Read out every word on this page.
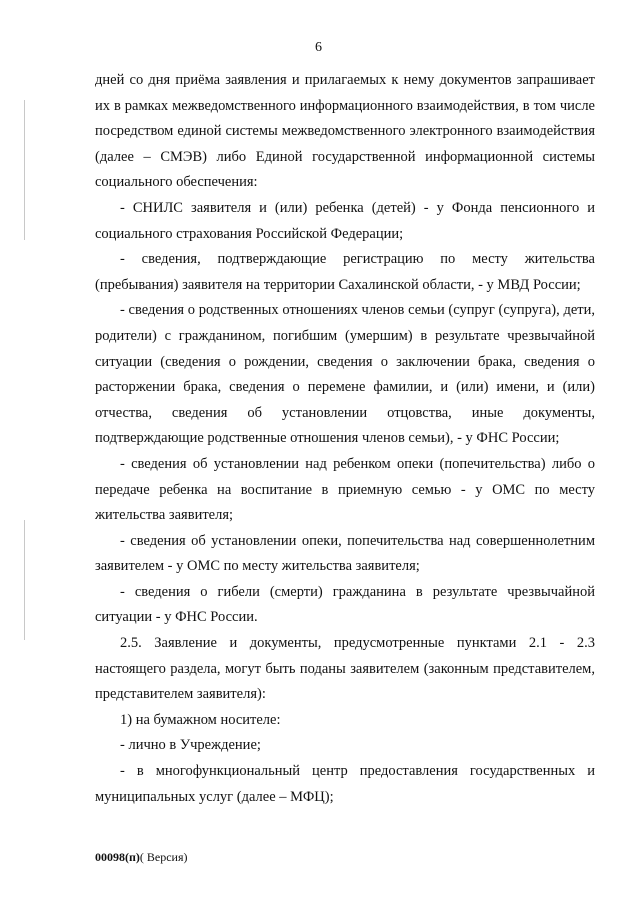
6

дней со дня приёма заявления и прилагаемых к нему документов запрашивает их в рамках межведомственного информационного взаимодействия, в том числе посредством единой системы межведомственного электронного взаимодействия (далее – СМЭВ) либо Единой государственной информационной системы социального обеспечения:

- СНИЛС заявителя и (или) ребенка (детей) - у Фонда пенсионного и социального страхования Российской Федерации;

- сведения, подтверждающие регистрацию по месту жительства (пребывания) заявителя на территории Сахалинской области, - у МВД России;

- сведения о родственных отношениях членов семьи (супруг (супруга), дети, родители) с гражданином, погибшим (умершим) в результате чрезвычайной ситуации (сведения о рождении, сведения о заключении брака, сведения о расторжении брака, сведения о перемене фамилии, и (или) имени, и (или) отчества, сведения об установлении отцовства, иные документы, подтверждающие родственные отношения членов семьи), - у ФНС России;

- сведения об установлении над ребенком опеки (попечительства) либо о передаче ребенка на воспитание в приемную семью - у ОМС по месту жительства заявителя;

- сведения об установлении опеки, попечительства над совершеннолетним заявителем - у ОМС по месту жительства заявителя;

- сведения о гибели (смерти) гражданина в результате чрезвычайной ситуации - у ФНС России.

2.5. Заявление и документы, предусмотренные пунктами 2.1 - 2.3 настоящего раздела, могут быть поданы заявителем (законным представителем, представителем заявителя):

1) на бумажном носителе:

- лично в Учреждение;

- в многофункциональный центр предоставления государственных и муниципальных услуг (далее – МФЦ);

00098(п)( Версия)
